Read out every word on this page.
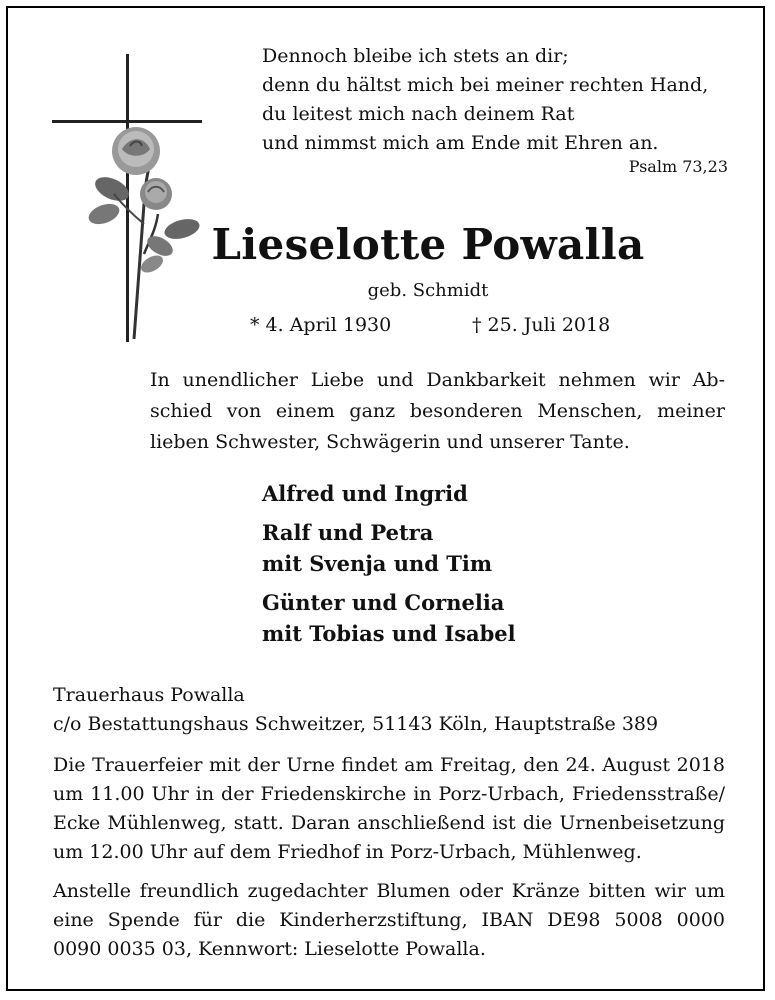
Dennoch bleibe ich stets an dir;
denn du hältst mich bei meiner rechten Hand,
du leitest mich nach deinem Rat
und nimmst mich am Ende mit Ehren an.
Psalm 73,23
Lieselotte Powalla
geb. Schmidt
* 4. April 1930	† 25. Juli 2018
In unendlicher Liebe und Dankbarkeit nehmen wir Ab-
schied von einem ganz besonderen Menschen, meiner
lieben Schwester, Schwägerin und unserer Tante.
Alfred und Ingrid
Ralf und Petra
mit Svenja und Tim
Günter und Cornelia
mit Tobias und Isabel
Trauerhaus Powalla
c/o Bestattungshaus Schweitzer, 51143 Köln, Hauptstraße 389
Die Trauerfeier mit der Urne findet am Freitag, den 24. August 2018
um 11.00 Uhr in der Friedenskirche in Porz-Urbach, Friedensstraße/
Ecke Mühlenweg, statt. Daran anschließend ist die Urnenbeisetzung
um 12.00 Uhr auf dem Friedhof in Porz-Urbach, Mühlenweg.
Anstelle freundlich zugedachter Blumen oder Kränze bitten wir um
eine Spende für die Kinderherzstiftung, IBAN DE98 5008 0000
0090 0035 03, Kennwort: Lieselotte Powalla.
